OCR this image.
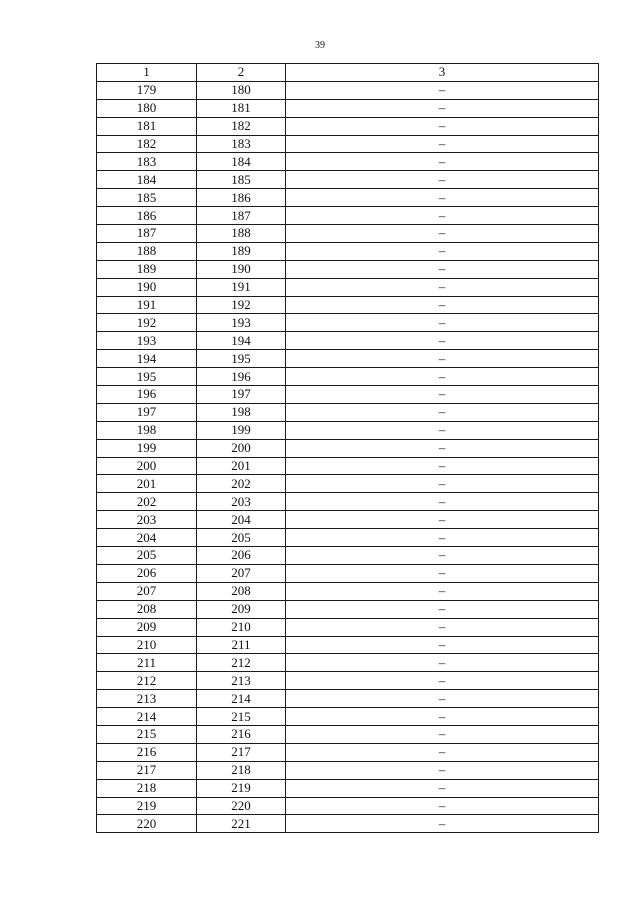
39
1	2	3
179	180	–
180	181	–
181	182	–
182	183	–
183	184	–
184	185	–
185	186	–
186	187	–
187	188	–
188	189	–
189	190	–
190	191	–
191	192	–
192	193	–
193	194	–
194	195	–
195	196	–
196	197	–
197	198	–
198	199	–
199	200	–
200	201	–
201	202	–
202	203	–
203	204	–
204	205	–
205	206	–
206	207	–
207	208	–
208	209	–
209	210	–
210	211	–
211	212	–
212	213	–
213	214	–
214	215	–
215	216	–
216	217	–
217	218	–
218	219	–
219	220	–
220	221	–
